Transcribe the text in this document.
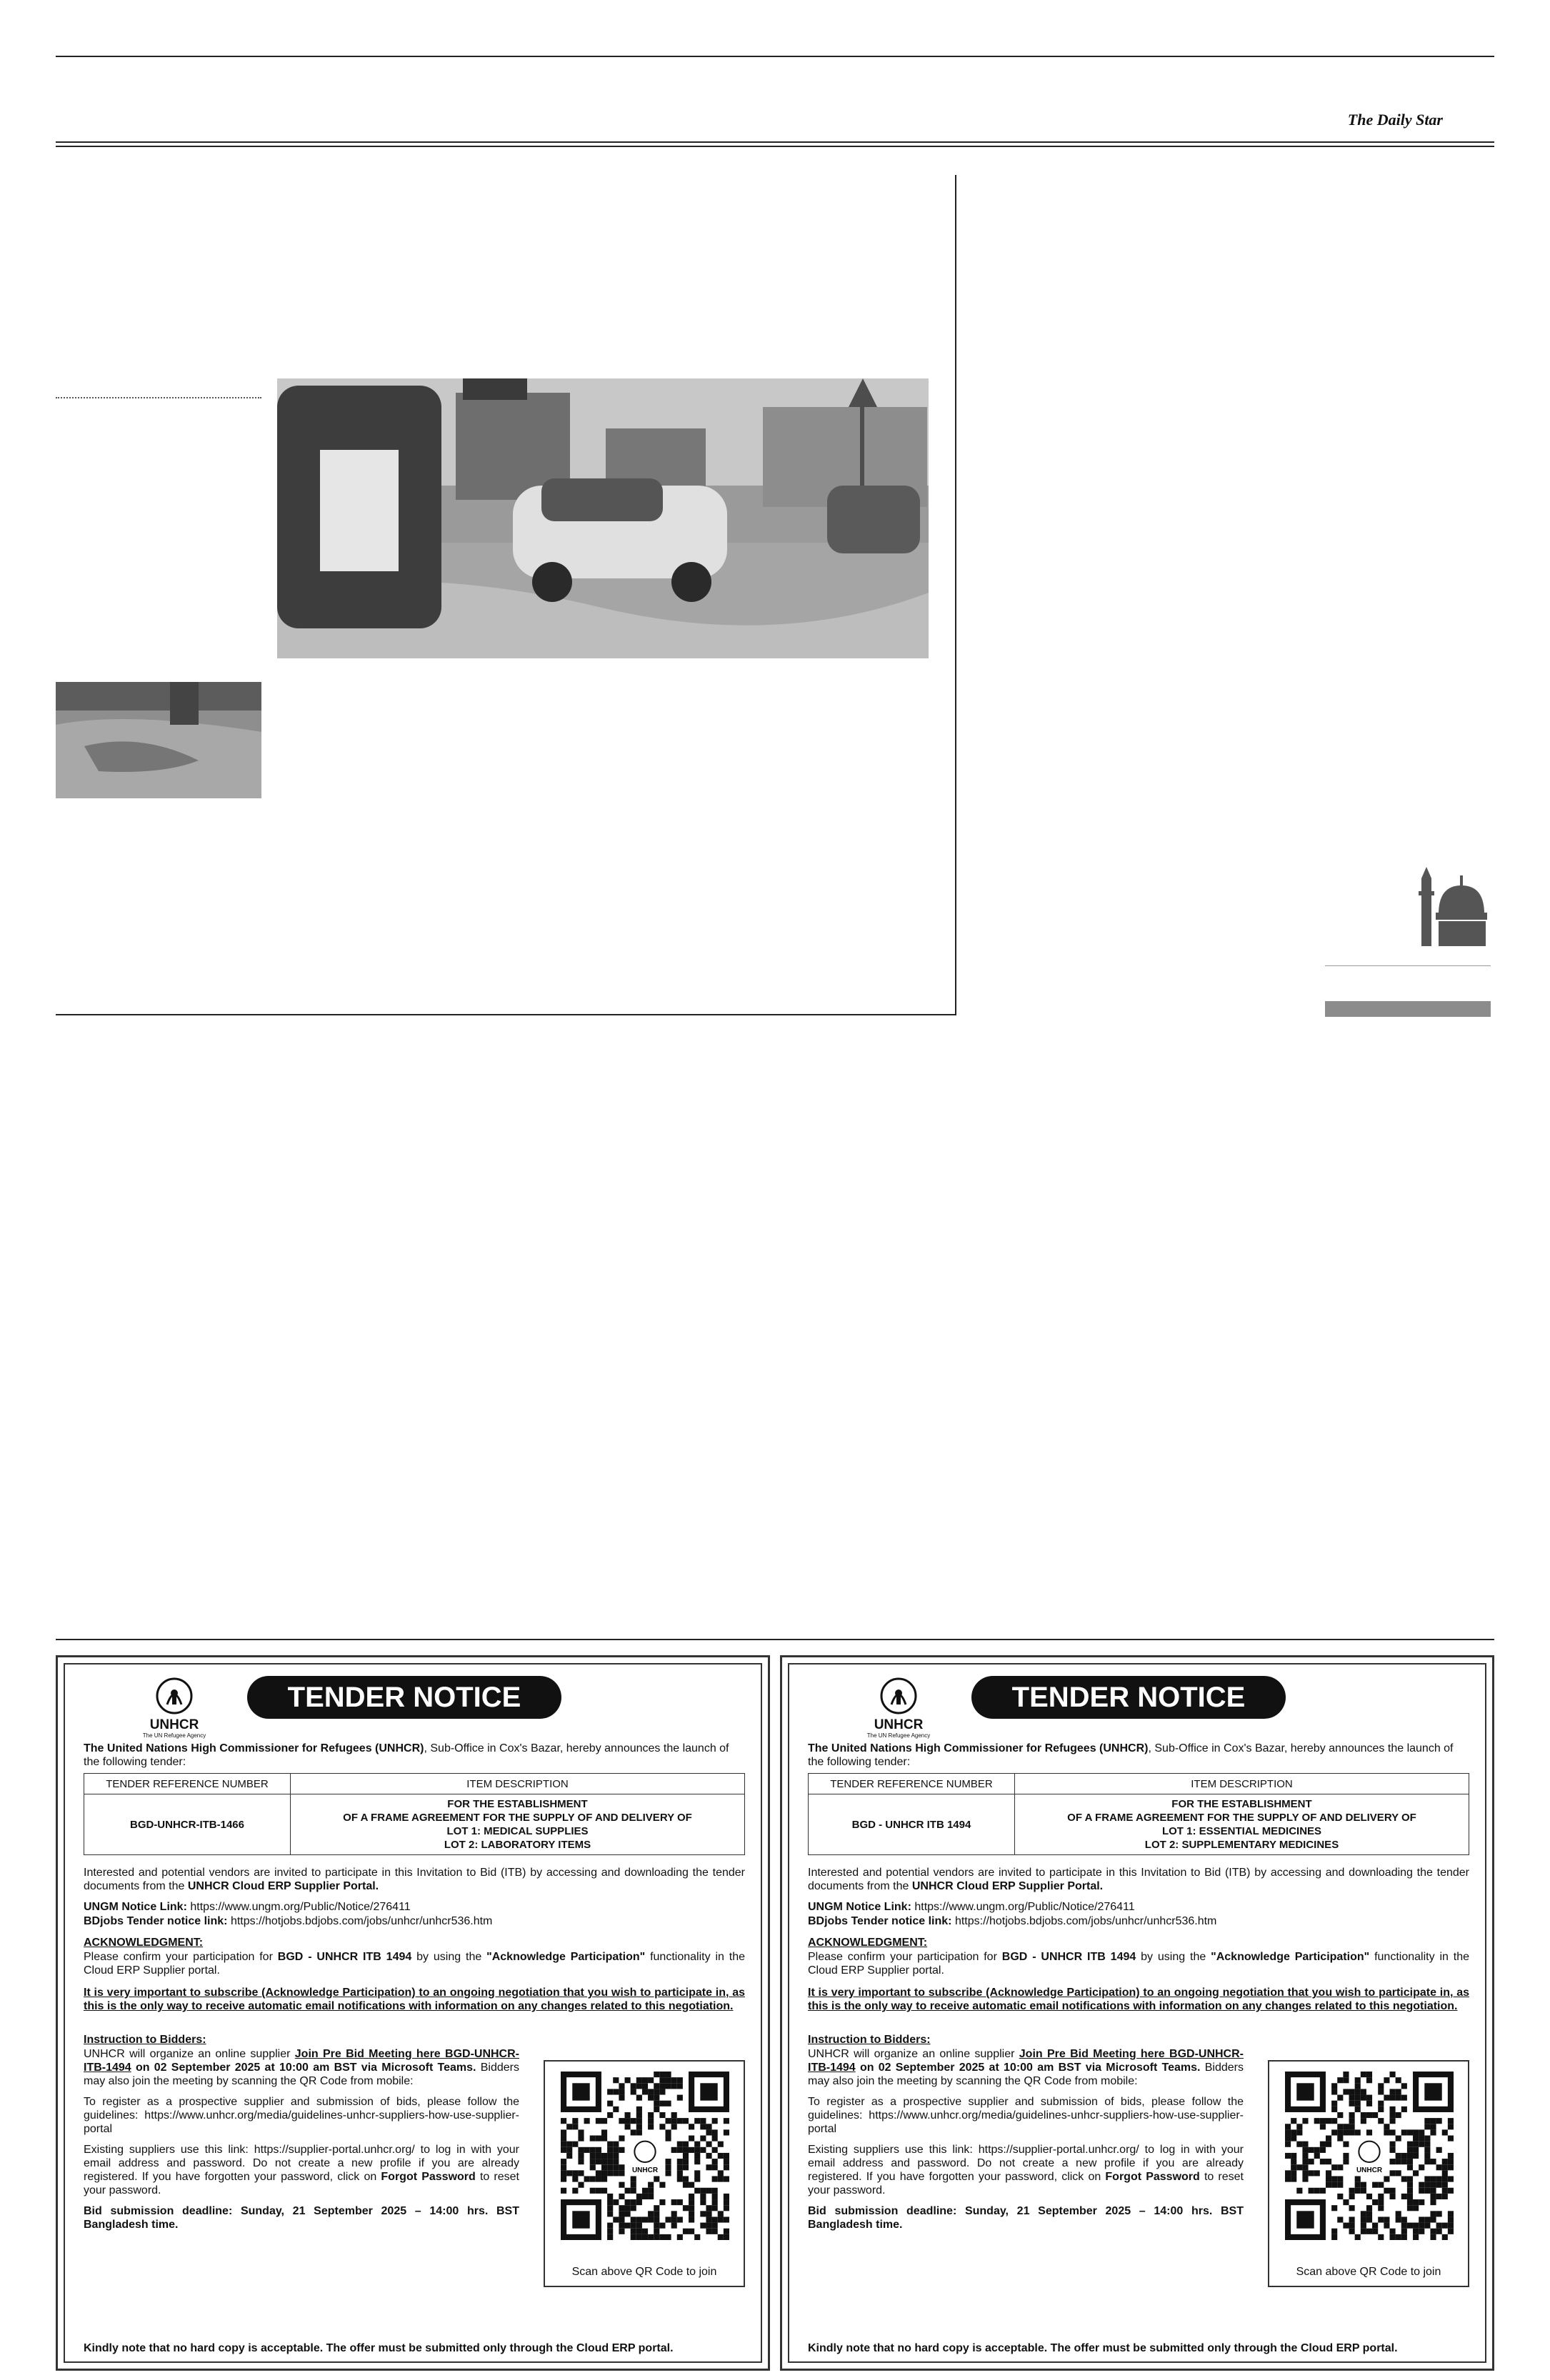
The Daily Star
UNHCR
The UN Refugee Agency
TENDER NOTICE
The United Nations High Commissioner for Refugees (UNHCR), Sub-Office in Cox's Bazar, hereby announces the launch of the following tender:
TENDER REFERENCE NUMBER	ITEM DESCRIPTION
BGD-UNHCR-ITB-1466	FOR THE ESTABLISHMENT
OF A FRAME AGREEMENT FOR THE SUPPLY OF AND DELIVERY OF
LOT 1: MEDICAL SUPPLIES
LOT 2: LABORATORY ITEMS
Interested and potential vendors are invited to participate in this Invitation to Bid (ITB) by accessing and downloading the tender documents from the UNHCR Cloud ERP Supplier Portal.
UNGM Notice Link: https://www.ungm.org/Public/Notice/276411
BDjobs Tender notice link: https://hotjobs.bdjobs.com/jobs/unhcr/unhcr536.htm
ACKNOWLEDGMENT:
Please confirm your participation for BGD - UNHCR ITB 1494 by using the "Acknowledge Participation" functionality in the Cloud ERP Supplier portal.
It is very important to subscribe (Acknowledge Participation) to an ongoing negotiation that you wish to participate in, as this is the only way to receive automatic email notifications with information on any changes related to this negotiation.
Instruction to Bidders:

UNHCR will organize an online supplier Join Pre Bid Meeting here BGD-UNHCR-ITB-1494 on 02 September 2025 at 10:00 am BST via Microsoft Teams. Bidders may also join the meeting by scanning the QR Code from mobile:

To register as a prospective supplier and submission of bids, please follow the guidelines: https://www.unhcr.org/media/guidelines-unhcr-suppliers-how-use-supplier-portal

Existing suppliers use this link: https://supplier-portal.unhcr.org/ to log in with your email address and password. Do not create a new profile if you are already registered. If you have forgotten your password, click on Forgot Password to reset your password.

Bid submission deadline: Sunday, 21 September 2025 – 14:00 hrs. BST Bangladesh time.

UNHCR
Scan above QR Code to join
Kindly note that no hard copy is acceptable. The offer must be submitted only through the Cloud ERP portal.
UNHCR
The UN Refugee Agency
TENDER NOTICE
The United Nations High Commissioner for Refugees (UNHCR), Sub-Office in Cox's Bazar, hereby announces the launch of the following tender:
TENDER REFERENCE NUMBER	ITEM DESCRIPTION
BGD - UNHCR ITB 1494	FOR THE ESTABLISHMENT
OF A FRAME AGREEMENT FOR THE SUPPLY OF AND DELIVERY OF
LOT 1: ESSENTIAL MEDICINES
LOT 2: SUPPLEMENTARY MEDICINES
Interested and potential vendors are invited to participate in this Invitation to Bid (ITB) by accessing and downloading the tender documents from the UNHCR Cloud ERP Supplier Portal.
UNGM Notice Link: https://www.ungm.org/Public/Notice/276411
BDjobs Tender notice link: https://hotjobs.bdjobs.com/jobs/unhcr/unhcr536.htm
ACKNOWLEDGMENT:
Please confirm your participation for BGD - UNHCR ITB 1494 by using the "Acknowledge Participation" functionality in the Cloud ERP Supplier portal.
It is very important to subscribe (Acknowledge Participation) to an ongoing negotiation that you wish to participate in, as this is the only way to receive automatic email notifications with information on any changes related to this negotiation.
Instruction to Bidders:

UNHCR will organize an online supplier Join Pre Bid Meeting here BGD-UNHCR-ITB-1494 on 02 September 2025 at 10:00 am BST via Microsoft Teams. Bidders may also join the meeting by scanning the QR Code from mobile:

To register as a prospective supplier and submission of bids, please follow the guidelines: https://www.unhcr.org/media/guidelines-unhcr-suppliers-how-use-supplier-portal

Existing suppliers use this link: https://supplier-portal.unhcr.org/ to log in with your email address and password. Do not create a new profile if you are already registered. If you have forgotten your password, click on Forgot Password to reset your password.

Bid submission deadline: Sunday, 21 September 2025 – 14:00 hrs. BST Bangladesh time.

UNHCR
Scan above QR Code to join
Kindly note that no hard copy is acceptable. The offer must be submitted only through the Cloud ERP portal.
